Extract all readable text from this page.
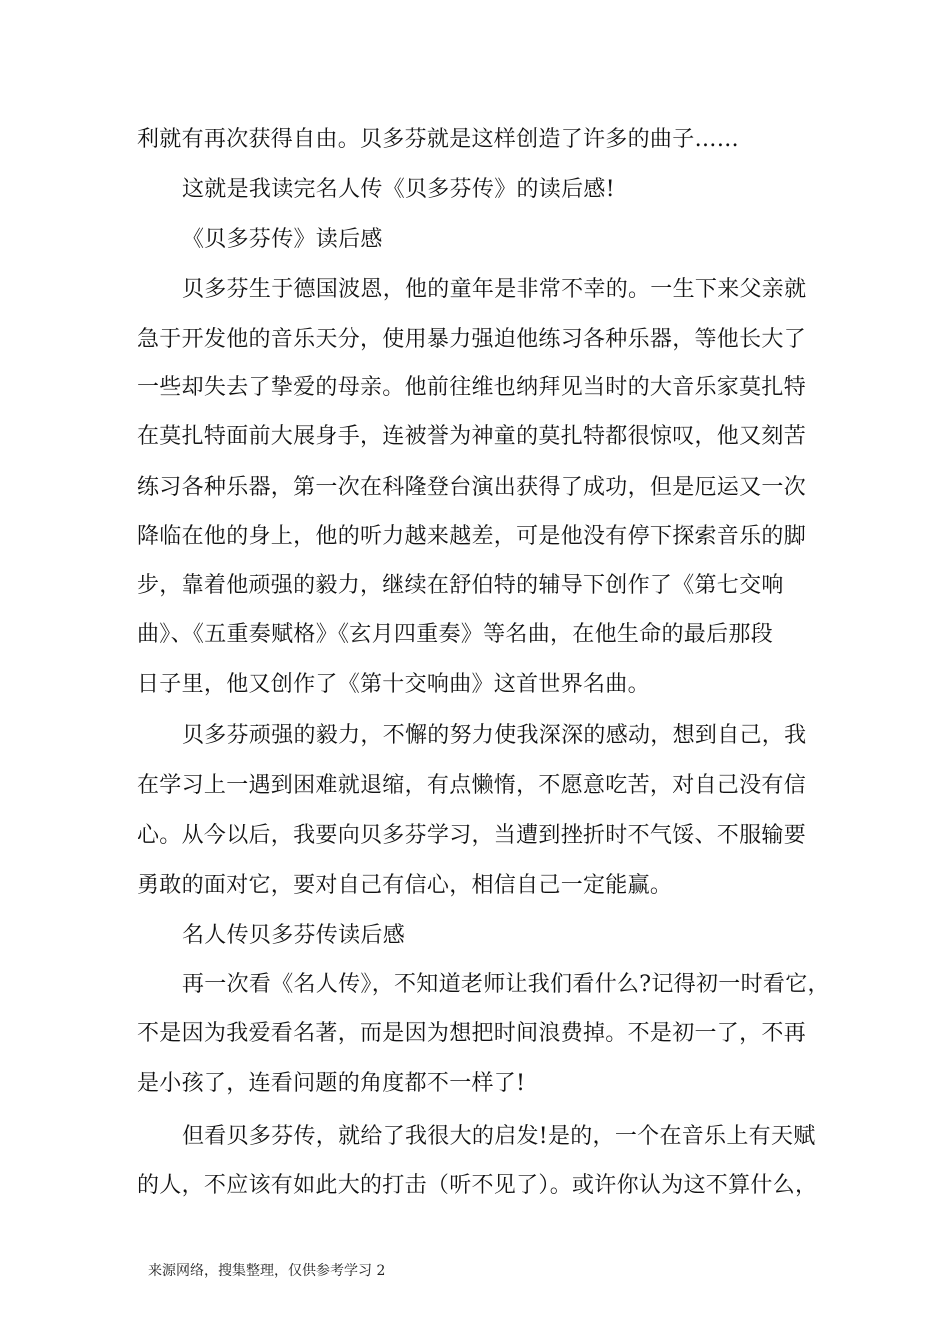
利就有再次获得自由。贝多芬就是这样创造了许多的曲子……
这就是我读完名人传《贝多芬传》的读后感!
《贝多芬传》读后感
贝多芬生于德国波恩，他的童年是非常不幸的。一生下来父亲就
急于开发他的音乐天分，使用暴力强迫他练习各种乐器，等他长大了
一些却失去了挚爱的母亲。他前往维也纳拜见当时的大音乐家莫扎特
在莫扎特面前大展身手，连被誉为神童的莫扎特都很惊叹，他又刻苦
练习各种乐器，第一次在科隆登台演出获得了成功，但是厄运又一次
降临在他的身上，他的听力越来越差，可是他没有停下探索音乐的脚
步，靠着他顽强的毅力，继续在舒伯特的辅导下创作了《第七交响
曲》、《五重奏赋格》《玄月四重奏》等名曲，在他生命的最后那段
日子里，他又创作了《第十交响曲》这首世界名曲。
贝多芬顽强的毅力，不懈的努力使我深深的感动，想到自己，我
在学习上一遇到困难就退缩，有点懒惰，不愿意吃苦，对自己没有信
心。从今以后，我要向贝多芬学习，当遭到挫折时不气馁、不服输要
勇敢的面对它，要对自己有信心，相信自己一定能赢。
名人传贝多芬传读后感
再一次看《名人传》，不知道老师让我们看什么?记得初一时看它，
不是因为我爱看名著，而是因为想把时间浪费掉。不是初一了，不再
是小孩了，连看问题的角度都不一样了!
但看贝多芬传，就给了我很大的启发!是的，一个在音乐上有天赋
的人，不应该有如此大的打击（听不见了）。或许你认为这不算什么，
来源网络，搜集整理，仅供参考学习 2
